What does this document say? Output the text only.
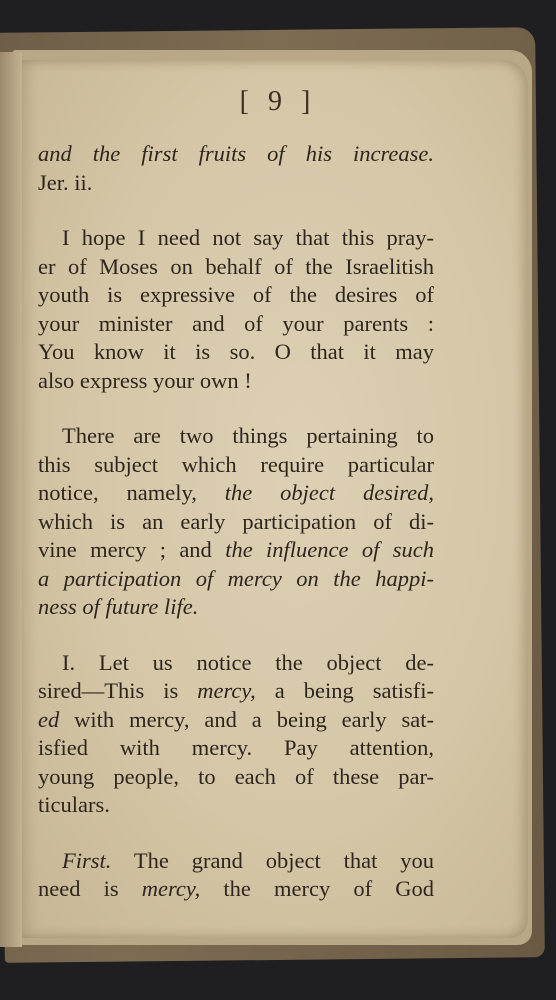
[ 9 ]
and the first fruits of his increase.
Jer. ii.
I hope I need not say that this pray-
er of Moses on behalf of the Israelitish
youth is expressive of the desires of
your minister and of your parents :
You know it is so. O that it may
also express your own !
There are two things pertaining to
this subject which require particular
notice, namely, the object desired,
which is an early participation of di-
vine mercy ; and the influence of such
a participation of mercy on the happi-
ness of future life.
I. Let us notice the object de-
sired—This is mercy, a being satisfi-
ed with mercy, and a being early sat-
isfied with mercy. Pay attention,
young people, to each of these par-
ticulars.
First. The grand object that you
need is mercy, the mercy of God
